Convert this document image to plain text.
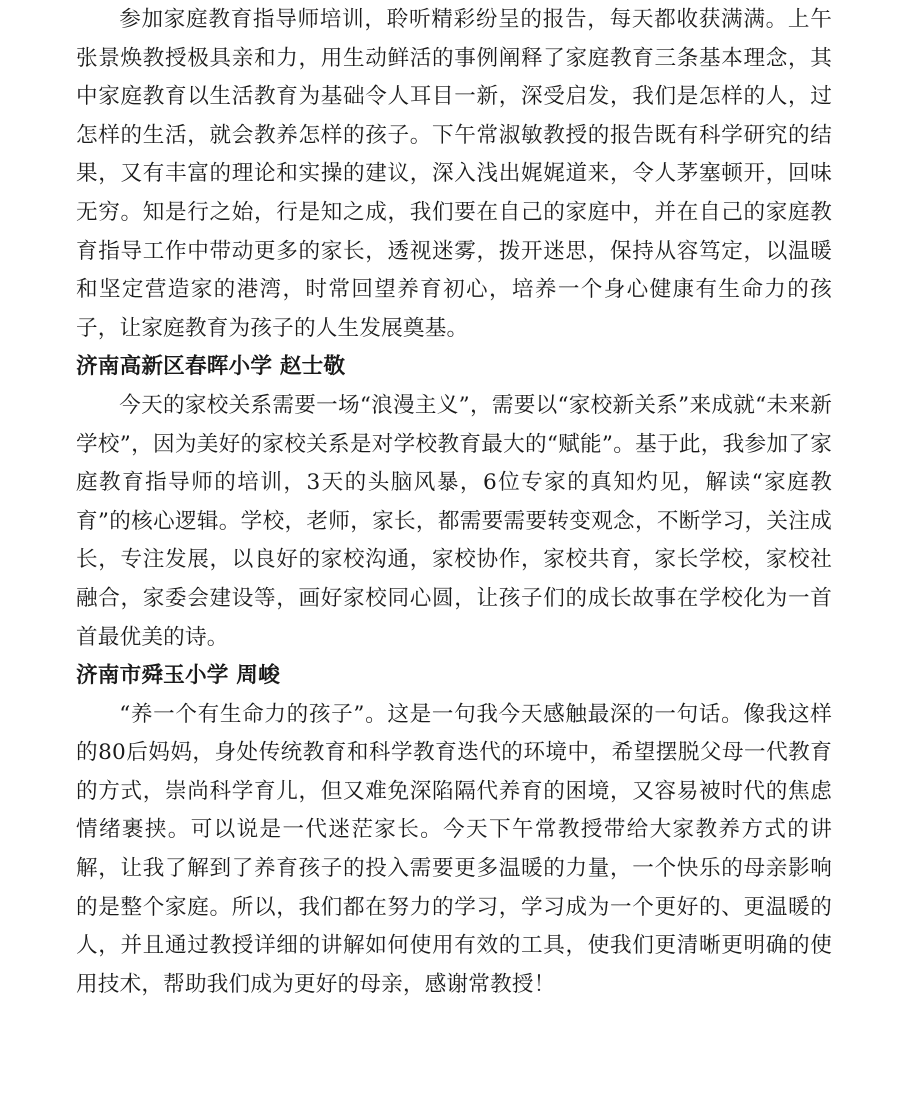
参加家庭教育指导师培训，聆听精彩纷呈的报告，每天都收获满满。上午张景焕教授极具亲和力，用生动鲜活的事例阐释了家庭教育三条基本理念，其中家庭教育以生活教育为基础令人耳目一新，深受启发，我们是怎样的人，过怎样的生活，就会教养怎样的孩子。下午常淑敏教授的报告既有科学研究的结果，又有丰富的理论和实操的建议，深入浅出娓娓道来，令人茅塞顿开，回味无穷。知是行之始，行是知之成，我们要在自己的家庭中，并在自己的家庭教育指导工作中带动更多的家长，透视迷雾，拨开迷思，保持从容笃定，以温暖和坚定营造家的港湾，时常回望养育初心，培养一个身心健康有生命力的孩子，让家庭教育为孩子的人生发展奠基。

济南高新区春晖小学 赵士敬

今天的家校关系需要一场“浪漫主义”，需要以“家校新关系”来成就“未来新学校”，因为美好的家校关系是对学校教育最大的“赋能”。基于此，我参加了家庭教育指导师的培训，3天的头脑风暴，6位专家的真知灼见，解读“家庭教育”的核心逻辑。学校，老师，家长，都需要需要转变观念，不断学习，关注成长，专注发展，以良好的家校沟通，家校协作，家校共育，家长学校，家校社融合，家委会建设等，画好家校同心圆，让孩子们的成长故事在学校化为一首首最优美的诗。

济南市舜玉小学 周峻

“养一个有生命力的孩子”。这是一句我今天感触最深的一句话。像我这样的80后妈妈，身处传统教育和科学教育迭代的环境中，希望摆脱父母一代教育的方式，崇尚科学育儿，但又难免深陷隔代养育的困境，又容易被时代的焦虑情绪裹挟。可以说是一代迷茫家长。今天下午常教授带给大家教养方式的讲解，让我了解到了养育孩子的投入需要更多温暖的力量，一个快乐的母亲影响的是整个家庭。所以，我们都在努力的学习，学习成为一个更好的、更温暖的人，并且通过教授详细的讲解如何使用有效的工具，使我们更清晰更明确的使用技术，帮助我们成为更好的母亲，感谢常教授！
